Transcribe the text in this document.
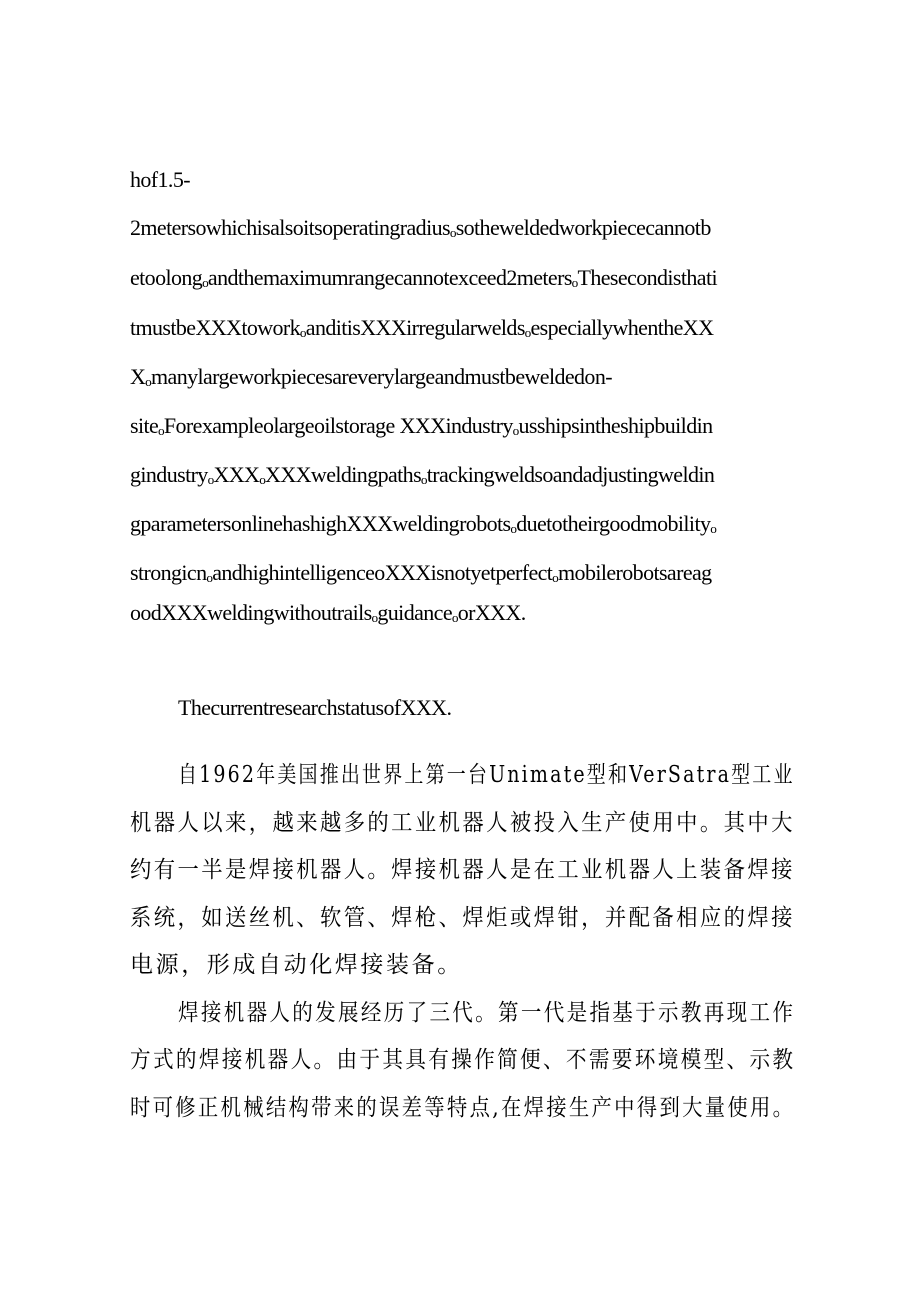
hof1.5-
2metersowhichisalsoitsoperatingradiusₒsotheweldedworkpiececannotb
etoolongₒandthemaximumrangecannotexceed2metersₒThesecondisthati
tmustbeXXXtoworkₒanditisXXXirregularweldsₒespeciallywhentheXX
Xₒmanylargeworkpiecesareverylargeandmustbeweldedon-
siteₒForexampleolargeoilstorage XXXindustryₒusshipsintheshipbuildin
gindustryₒXXXₒXXXweldingpathsₒtrackingweldsoandadjustingweldin
gparametersonlinehashighXXXweldingrobotsₒduetotheirgoodmobilityₒ
strongicnₒandhighintelligenceoXXXisnotyetperfectₒmobilerobotsareag
oodXXXweldingwithoutrailsₒguidanceₒorXXX.
ThecurrentresearchstatusofXXX.
自1962年美国推出世界上第一台Unimate型和VerSatra型工业
机器人以来，越来越多的工业机器人被投入生产使用中。其中大
约有一半是焊接机器人。焊接机器人是在工业机器人上装备焊接
系统，如送丝机、软管、焊枪、焊炬或焊钳，并配备相应的焊接
电源，形成自动化焊接装备。
焊接机器人的发展经历了三代。第一代是指基于示教再现工作
方式的焊接机器人。由于其具有操作简便、不需要环境模型、示教
时可修正机械结构带来的误差等特点,在焊接生产中得到大量使用。
